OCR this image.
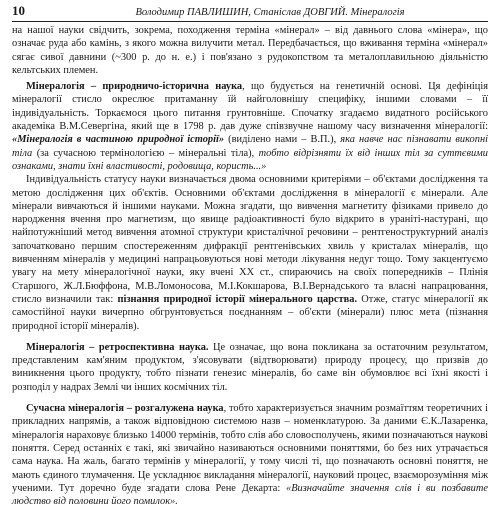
10	Володимир ПАВЛИШИН, Станіслав ДОВГИЙ. Мінералогія

на нашої науки свідчить, зокрема, походження терміна «мінерал» – від давнього слова «мінера», що означає руда або камінь, з якого можна вилучити метал. Передбачається, що вживання терміна «мінерал» сягає сивої давнини (~300 р. до н. е.) і пов'язано з рудокопством та металоплавильною діяльністю кельтських племен.

Мінералогія – природничо-історична наука, що будується на генетичній основі. Ця дефініція мінералогії стисло окреслює притаманну їй найголовнішу специфіку, іншими словами – її індивідуальність. Торкаємося цього питання грунтовніше. Спочатку згадаємо видатного російського академіка В.М.Севергіна, який ще в 1798 р. дав дуже співзвучне нашому часу визначення мінералогії: «Мінералогія в частиною природної історії» (виділено нами – В.П.), яка навче нас пізнавати викопні тіла (за сучасною термінологією – мінеральні тіла), тобто відрізняти їх від інших тіл за суттєвими ознаками, знати їхні властивості, родовища, користь...»

Індивідуальність статусу науки визначається двома основними критеріями – об'єктами дослідження та метою дослідження цих об'єктів. Основними об'єктами дослідження в мінералогії є мінерали. Але мінерали вивчаються й іншими науками. Можна згадати, що вивчення магнетиту фізиками привело до народження вчення про магнетизм, що явище радіоактивності було відкрито в ураніті-настурані, що найпотужніший метод вивчення атомної структури кристалічної речовини – рентгеноструктурний аналіз започатковано першим спостереженням дифракції рентгенівських хвиль у кристалах мінералів, що вивченням мінералів у медицині напрацьовуються нові методи лікування недуг тощо. Тому закцентуємо увагу на мету мінералогічної науки, яку вчені ХХ ст., спираючись на своїх попередників – Плінія Старшого, Ж.Л.Бюффона, М.В.Ломоносова, М.І.Кокшарова, В.І.Вернадського та власні напрацювання, стисло визначили так: пізнання природної історії мінерального царства. Отже, статус мінералогії як самостійної науки вичерпно обгрунтовується поєднанням – об'єкти (мінерали) плюс мета (пізнання природної історії мінералів).

Мінералогія – ретроспективна наука. Це означає, що вона покликана за остаточним результатом, представленим кам'яним продуктом, з'ясовувати (відтворювати) природу процесу, що призвів до виникнення цього продукту, тобто пізнати генезис мінералів, бо саме він обумовлює всі їхні якості і розподіл у надрах Землі чи інших космічних тіл.

Сучасна мінералогія – розгалужена наука, тобто характеризується значним розмаїттям теоретичних і прикладних напрямів, а також відповідною системою назв – номенклатурою. За даними Є.К.Лазаренка, мінералогія нараховує близько 14000 термінів, тобто слів або словосполучень, якими позначаються наукові поняття. Серед останніх є такі, які звичайно називаються основними поняттями, бо без них утрачається сама наука. На жаль, багато термінів у мінералогії, у тому числі ті, що позначають основні поняття, не мають єдиного тлумачення. Це ускладнює викладання мінералогії, науковий процес, взаєморозуміння між ученими. Тут доречно буде згадати слова Рене Декарта: «Визначайте значення слів і ви позбавите людство від половини його помилок».
